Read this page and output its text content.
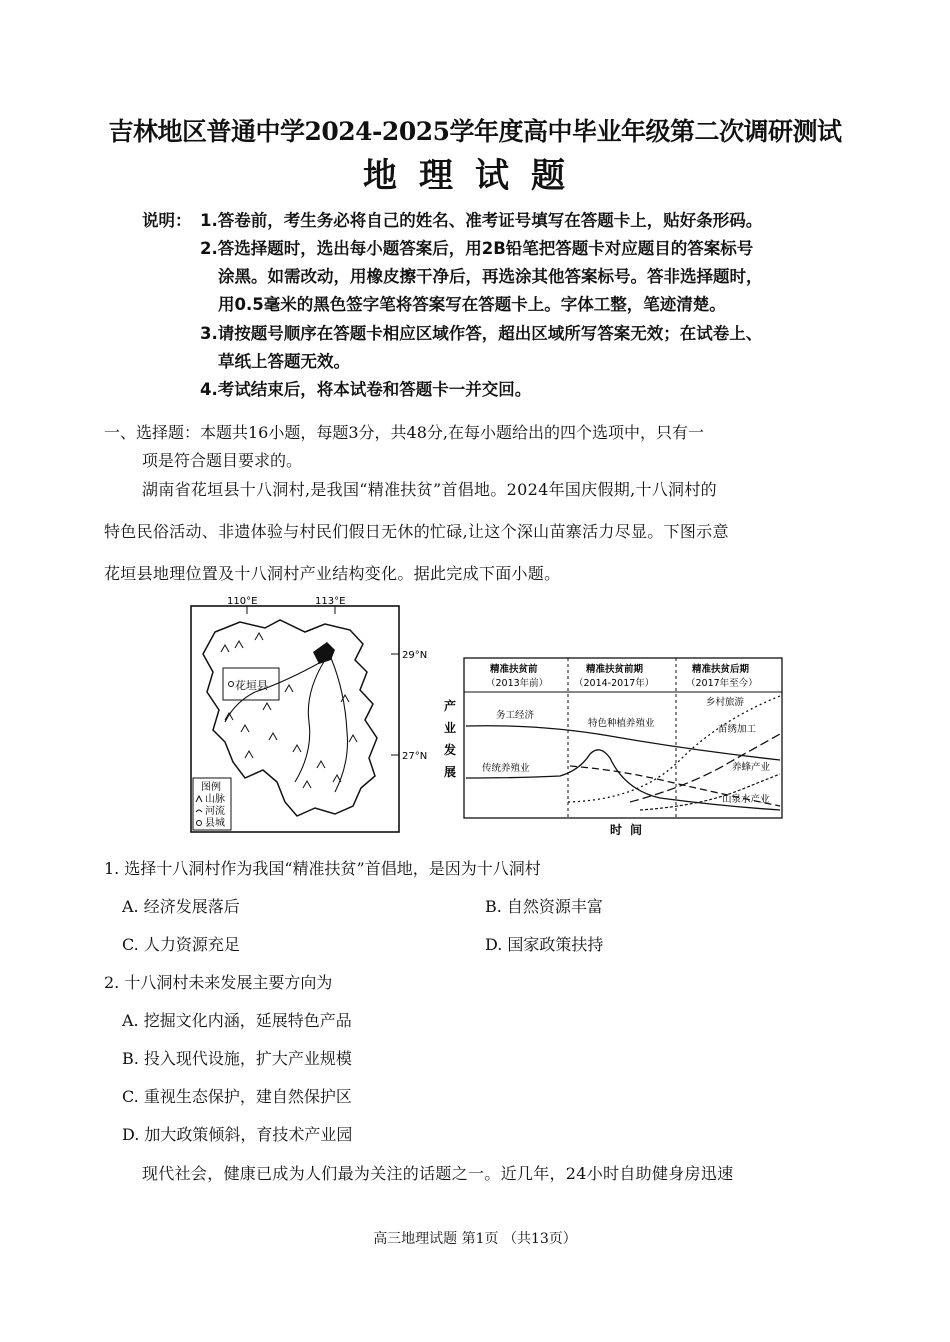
吉林地区普通中学2024-2025学年度高中毕业年级第二次调研测试
地理试题
说明： 1.答卷前，考生务必将自己的姓名、准考证号填写在答题卡上，贴好条形码。
2.答选择题时，选出每小题答案后，用2B铅笔把答题卡对应题目的答案标号
涂黑。如需改动，用橡皮擦干净后，再选涂其他答案标号。答非选择题时，
用0.5毫米的黑色签字笔将答案写在答题卡上。字体工整，笔迹清楚。
3.请按题号顺序在答题卡相应区域作答，超出区域所写答案无效；在试卷上、
草纸上答题无效。
4.考试结束后，将本试卷和答题卡一并交回。
一、选择题：本题共16小题，每题3分，共48分,在每小题给出的四个选项中，只有一
项是符合题目要求的。
湖南省花垣县十八洞村,是我国“精准扶贫”首倡地。2024年国庆假期,十八洞村的
特色民俗活动、非遗体验与村民们假日无休的忙碌,让这个深山苗寨活力尽显。下图示意
花垣县地理位置及十八洞村产业结构变化。据此完成下面小题。
110°E	113°E
29°N
27°N
花垣县
图例
山脉
河流
县城
产业发展
精准扶贫前
（2013年前）
精准扶贫前期
（2014-2017年）
精准扶贫后期
（2017年至今）
务工经济
传统养殖业
特色种植养殖业
乡村旅游
苗绣加工
养蜂产业
山泉水产业
时间
1. 选择十八洞村作为我国“精准扶贫”首倡地，是因为十八洞村
A. 经济发展落后	B. 自然资源丰富
C. 人力资源充足	D. 国家政策扶持
2. 十八洞村未来发展主要方向为
A. 挖掘文化内涵，延展特色产品
B. 投入现代设施，扩大产业规模
C. 重视生态保护，建自然保护区
D. 加大政策倾斜，育技术产业园
现代社会，健康已成为人们最为关注的话题之一。近几年，24小时自助健身房迅速
高三地理试题 第1页 （共13页）
